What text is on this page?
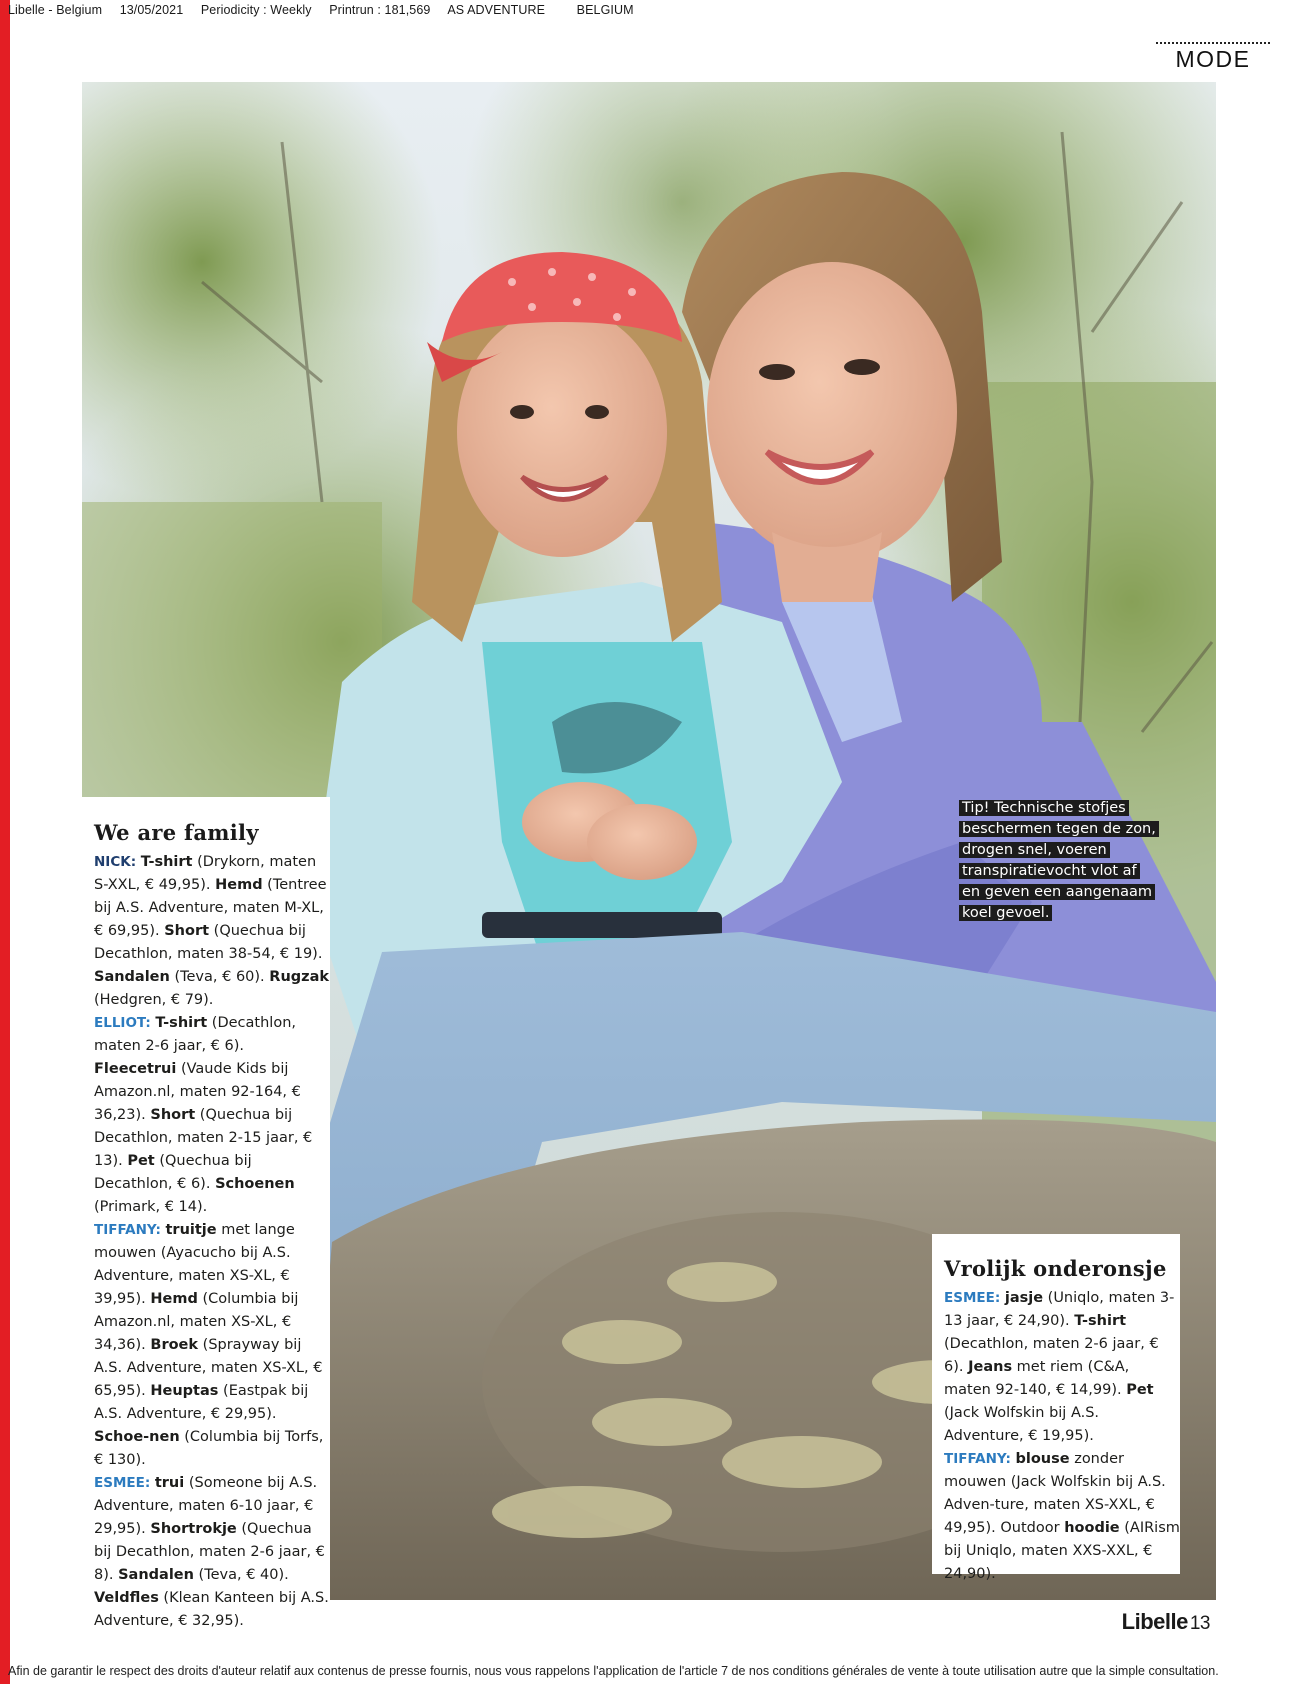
Libelle - Belgium 13/05/2021 Periodicity : Weekly Printrun : 181,569 AS ADVENTURE	BELGIUM
MODE
We are family

NICK: T-shirt (Drykorn, maten S-XXL, € 49,95). Hemd (Tentree bij A.S. Adventure, maten M-XL, € 69,95). Short (Quechua bij Decathlon, maten 38-54, € 19). Sandalen (Teva, € 60). Rugzak (Hedgren, € 79).
ELLIOT: T-shirt (Decathlon, maten 2-6 jaar, € 6). Fleecetrui (Vaude Kids bij Amazon.nl, maten 92-164, € 36,23). Short (Quechua bij Decathlon, maten 2-15 jaar, € 13). Pet (Quechua bij Decathlon, € 6). Schoenen (Primark, € 14).
TIFFANY: truitje met lange mouwen (Ayacucho bij A.S. Adventure, maten XS-XL, € 39,95). Hemd (Columbia bij Amazon.nl, maten XS-XL, € 34,36). Broek (Sprayway bij A.S. Adventure, maten XS-XL, € 65,95). Heuptas (Eastpak bij A.S. Adventure, € 29,95). Schoe-nen (Columbia bij Torfs, € 130).
ESMEE: trui (Someone bij A.S. Adventure, maten 6-10 jaar, € 29,95). Shortrokje (Quechua bij Decathlon, maten 2-6 jaar, € 8). Sandalen (Teva, € 40). Veldfles (Klean Kanteen bij A.S. Adventure, € 32,95).

Tip! Technische stofjes beschermen tegen de zon, drogen snel, voeren transpiratievocht vlot af en geven een aangenaam koel gevoel.
Vrolijk onderonsje

ESMEE: jasje (Uniqlo, maten 3-13 jaar, € 24,90). T-shirt (Decathlon, maten 2-6 jaar, € 6). Jeans met riem (C&A, maten 92-140, € 14,99). Pet (Jack Wolfskin bij A.S. Adventure, € 19,95).
TIFFANY: blouse zonder mouwen (Jack Wolfskin bij A.S. Adven-ture, maten XS-XXL, € 49,95). Outdoor hoodie (AIRism bij Uniqlo, maten XXS-XXL, € 24,90).

Libelle 13
Afin de garantir le respect des droits d'auteur relatif aux contenus de presse fournis, nous vous rappelons l'application de l'article 7 de nos conditions générales de vente à toute utilisation autre que la simple consultation.
